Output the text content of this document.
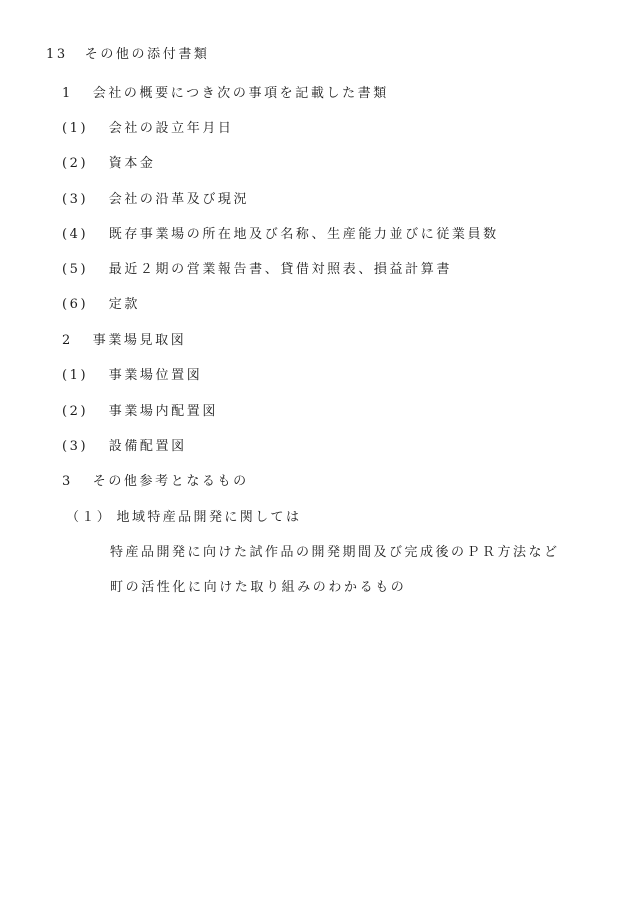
13 その他の添付書類
1 会社の概要につき次の事項を記載した書類
(1) 会社の設立年月日
(2) 資本金
(3) 会社の沿革及び現況
(4) 既存事業場の所在地及び名称、生産能力並びに従業員数
(5) 最近２期の営業報告書、貸借対照表、損益計算書
(6) 定款
2 事業場見取図
(1) 事業場位置図
(2) 事業場内配置図
(3) 設備配置図
3 その他参考となるもの
（１） 地域特産品開発に関しては
特産品開発に向けた試作品の開発期間及び完成後のＰＲ方法など
町の活性化に向けた取り組みのわかるもの
